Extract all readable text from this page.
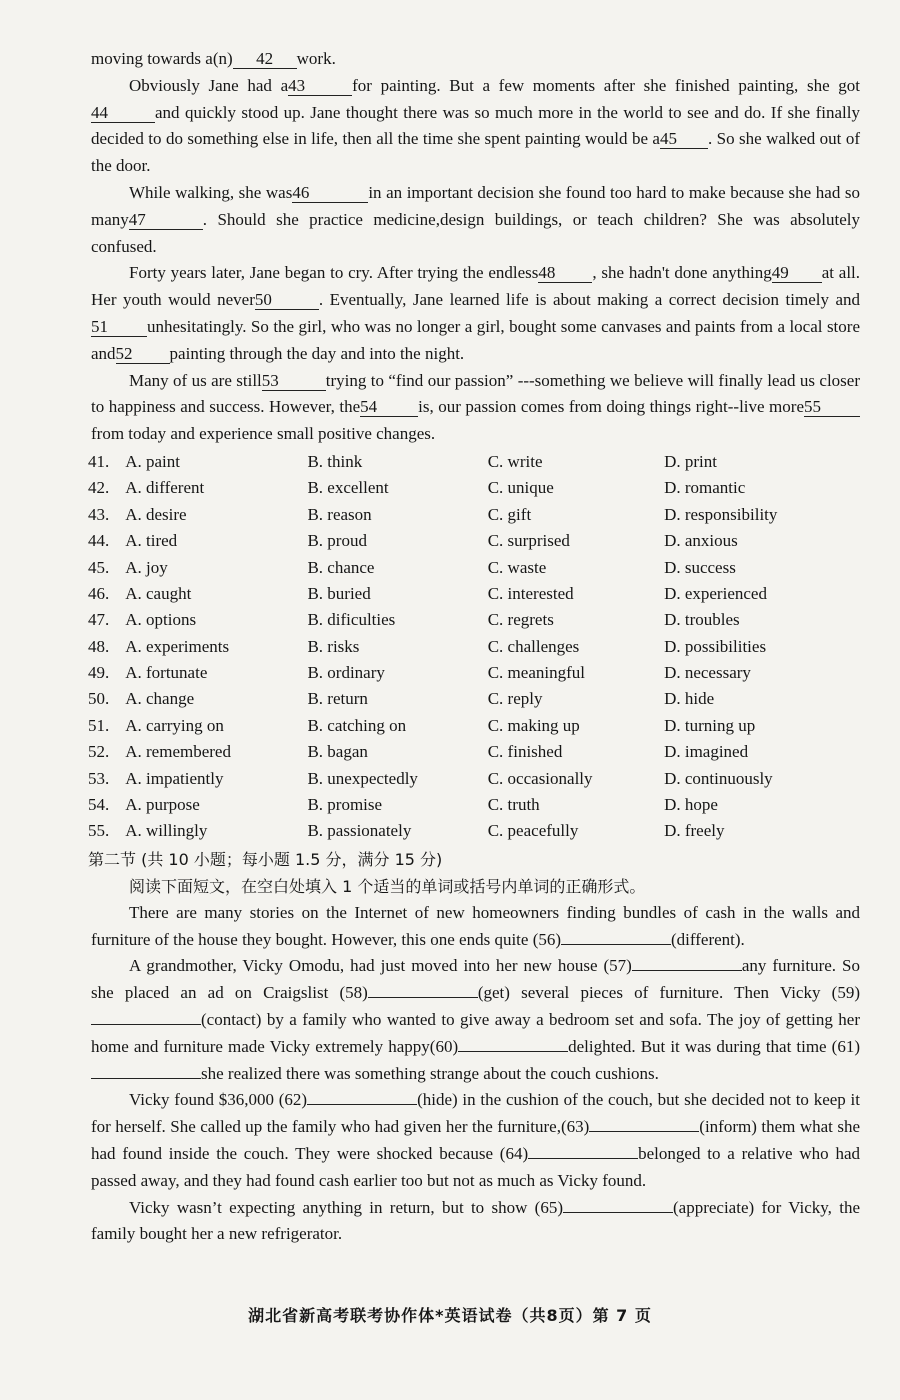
moving towards a(n) 42 work.

Obviously Jane had a43	for painting. But a few moments after she finished painting, she got44	and quickly stood up. Jane thought there was so much more in the world to see and do. If she finally decided to do something else in life, then all the time she spent painting would be a45 . So she walked out of the door.

While walking, she was46	in an important decision she found too hard to make because she had so many47	. Should she practice medicine,design buildings, or teach children? She was absolutely confused.

Forty years later, Jane began to cry. After trying the endless48 , she hadn't done anything49 at all. Her youth would never50	. Eventually, Jane learned life is about making a correct decision timely and51 unhesitatingly. So the girl, who was no longer a girl, bought some canvases and paints from a local store and52 painting through the day and into the night.

Many of us are still53	trying to “find our passion” ---something we believe will finally lead us closer to happiness and success. However, the54 is, our passion comes from doing things right--live more55from today and experience small positive changes.

41. A. paint	B. think	C. write	D. print
42. A. different	B. excellent	C. unique	D. romantic
43. A. desire	B. reason	C. gift	D. responsibility
44. A. tired	B. proud	C. surprised	D. anxious
45. A. joy	B. chance	C. waste	D. success
46. A. caught	B. buried	C. interested	D. experienced
47. A. options	B. dificulties	C. regrets	D. troubles
48. A. experiments	B. risks	C. challenges	D. possibilities
49. A. fortunate	B. ordinary	C. meaningful	D. necessary
50. A. change	B. return	C. reply	D. hide
51. A. carrying on	B. catching on	C. making up	D. turning up
52. A. remembered	B. bagan	C. finished	D. imagined
53. A. impatiently	B. unexpectedly	C. occasionally	D. continuously
54. A. purpose	B. promise	C. truth	D. hope
55. A. willingly	B. passionately	C. peacefully	D. freely
第二节 (共 10 小题；每小题 1.5 分，满分 15 分)

阅读下面短文，在空白处填入 1 个适当的单词或括号内单词的正确形式。

There are many stories on the Internet of new homeowners finding bundles of cash in the walls and furniture of the house they bought. However, this one ends quite (56)	(different).

A grandmother, Vicky Omodu, had just moved into her new house (57)	any furniture. So she placed an ad on Craigslist (58)	(get) several pieces of furniture. Then Vicky (59)(contact) by a family who wanted to give away a bedroom set and sofa. The joy of getting her home and furniture made Vicky extremely happy(60)	delighted. But it was during that time (61)she realized there was something strange about the couch cushions.

Vicky found $36,000 (62)	(hide) in the cushion of the couch, but she decided not to keep it for herself. She called up the family who had given her the furniture,(63)	(inform) them what she had found inside the couch. They were shocked because (64)	belonged to a relative who had passed away, and they had found cash earlier too but not as much as Vicky found.

Vicky wasn’t expecting anything in return, but to show (65)	(appreciate) for Vicky, the family bought her a new refrigerator.

湖北省新高考联考协作体*英语试卷（共8页）第 7 页
